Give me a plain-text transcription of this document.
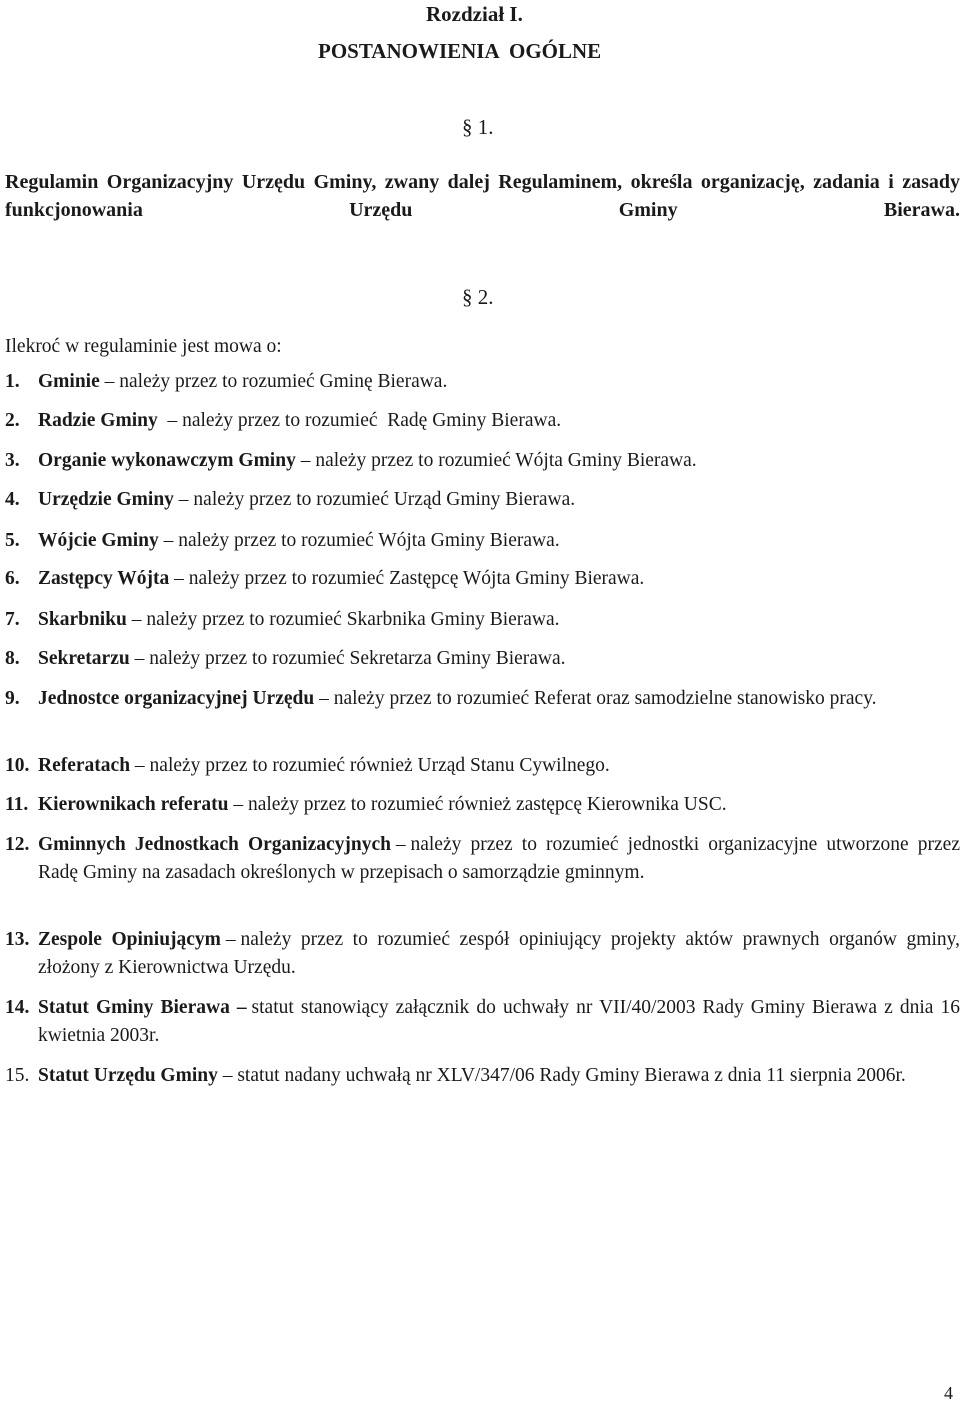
Rozdział I.
POSTANOWIENIA  OGÓLNE
§ 1.
Regulamin Organizacyjny Urzędu Gminy, zwany dalej Regulaminem, określa organizację, zadania i zasady funkcjonowania Urzędu Gminy Bierawa.
§ 2.
Ilekroć w regulaminie jest mowa o:
1. Gminie – należy przez to rozumieć Gminę Bierawa.
2. Radzie Gminy  – należy przez to rozumieć  Radę Gminy Bierawa.
3. Organie wykonawczym Gminy – należy przez to rozumieć Wójta Gminy Bierawa.
4. Urzędzie Gminy – należy przez to rozumieć Urząd Gminy Bierawa.
5. Wójcie Gminy – należy przez to rozumieć Wójta Gminy Bierawa.
6. Zastępcy Wójta – należy przez to rozumieć Zastępcę Wójta Gminy Bierawa.
7. Skarbniku – należy przez to rozumieć Skarbnika Gminy Bierawa.
8. Sekretarzu – należy przez to rozumieć Sekretarza Gminy Bierawa.
9. Jednostce organizacyjnej Urzędu – należy przez to rozumieć Referat oraz samodzielne stanowisko pracy.
10. Referatach – należy przez to rozumieć również Urząd Stanu Cywilnego.
11. Kierownikach referatu – należy przez to rozumieć również zastępcę Kierownika USC.
12. Gminnych Jednostkach Organizacyjnych – należy przez to rozumieć jednostki organizacyjne utworzone przez Radę Gminy na zasadach określonych w przepisach o samorządzie gminnym.
13. Zespole Opiniującym – należy przez to rozumieć zespół opiniujący projekty aktów prawnych organów gminy, złożony z Kierownictwa Urzędu.
14. Statut Gminy Bierawa – statut stanowiący załącznik do uchwały nr VII/40/2003 Rady Gminy Bierawa z dnia 16 kwietnia 2003r.
15. Statut Urzędu Gminy – statut nadany uchwałą nr XLV/347/06 Rady Gminy Bierawa z dnia 11 sierpnia 2006r.
4
